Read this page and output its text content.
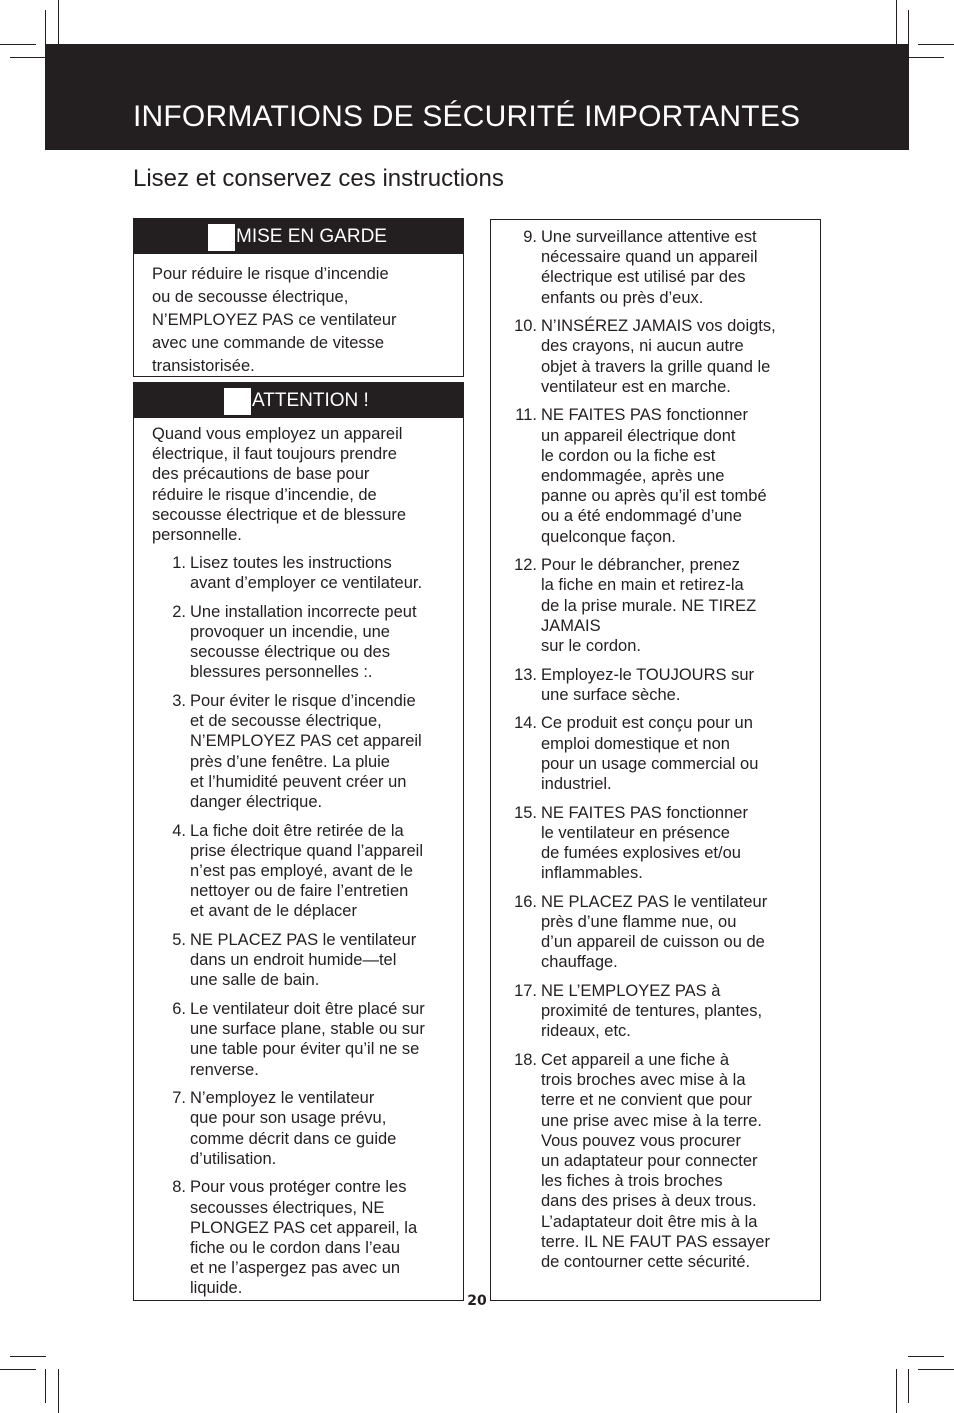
INFORMATIONS DE SÉCURITÉ IMPORTANTES
Lisez et conservez ces instructions
MISE EN GARDE
Pour réduire le risque d’incendie
ou de secousse électrique,
N’EMPLOYEZ PAS ce ventilateur
avec une commande de vitesse
transistorisée.
ATTENTION !
Quand vous employez un appareil
électrique, il faut toujours prendre
des précautions de base pour
réduire le risque d’incendie, de
secousse électrique et de blessure
personnelle.
1. Lisez toutes les instructions
avant d’employer ce ventilateur.
2. Une installation incorrecte peut
provoquer un incendie, une
secousse électrique ou des
blessures personnelles :.
3. Pour éviter le risque d’incendie
et de secousse électrique,
N’EMPLOYEZ PAS cet appareil
près d’une fenêtre. La pluie
et l’humidité peuvent créer un
danger électrique.
4. La fiche doit être retirée de la
prise électrique quand l’appareil
n’est pas employé, avant de le
nettoyer ou de faire l’entretien
et avant de le déplacer
5. NE PLACEZ PAS le ventilateur
dans un endroit humide—tel
une salle de bain.
6. Le ventilateur doit être placé sur
une surface plane, stable ou sur
une table pour éviter qu’il ne se
renverse.
7. N’employez le ventilateur
que pour son usage prévu,
comme décrit dans ce guide
d’utilisation.
8. Pour vous protéger contre les
secousses électriques, NE
PLONGEZ PAS cet appareil, la
fiche ou le cordon dans l’eau
et ne l’aspergez pas avec un
liquide.
9. Une surveillance attentive est
nécessaire quand un appareil
électrique est utilisé par des
enfants ou près d’eux.
10. N’INSÉREZ JAMAIS vos doigts,
des crayons, ni aucun autre
objet à travers la grille quand le
ventilateur est en marche.
11. NE FAITES PAS fonctionner
un appareil électrique dont
le cordon ou la fiche est
endommagée, après une
panne ou après qu’il est tombé
ou a été endommagé d’une
quelconque façon.
12. Pour le débrancher, prenez
la fiche en main et retirez-la
de la prise murale. NE TIREZ
JAMAIS
sur le cordon.
13. Employez-le TOUJOURS sur
une surface sèche.
14. Ce produit est conçu pour un
emploi domestique et non
pour un usage commercial ou
industriel.
15. NE FAITES PAS fonctionner
le ventilateur en présence
de fumées explosives et/ou
inflammables.
16. NE PLACEZ PAS le ventilateur
près d’une flamme nue, ou
d’un appareil de cuisson ou de
chauffage.
17. NE L’EMPLOYEZ PAS à
proximité de tentures, plantes,
rideaux, etc.
18. Cet appareil a une fiche à
trois broches avec mise à la
terre et ne convient que pour
une prise avec mise à la terre.
Vous pouvez vous procurer
un adaptateur pour connecter
les fiches à trois broches
dans des prises à deux trous.
L’adaptateur doit être mis à la
terre. IL NE FAUT PAS essayer
de contourner cette sécurité.
20
